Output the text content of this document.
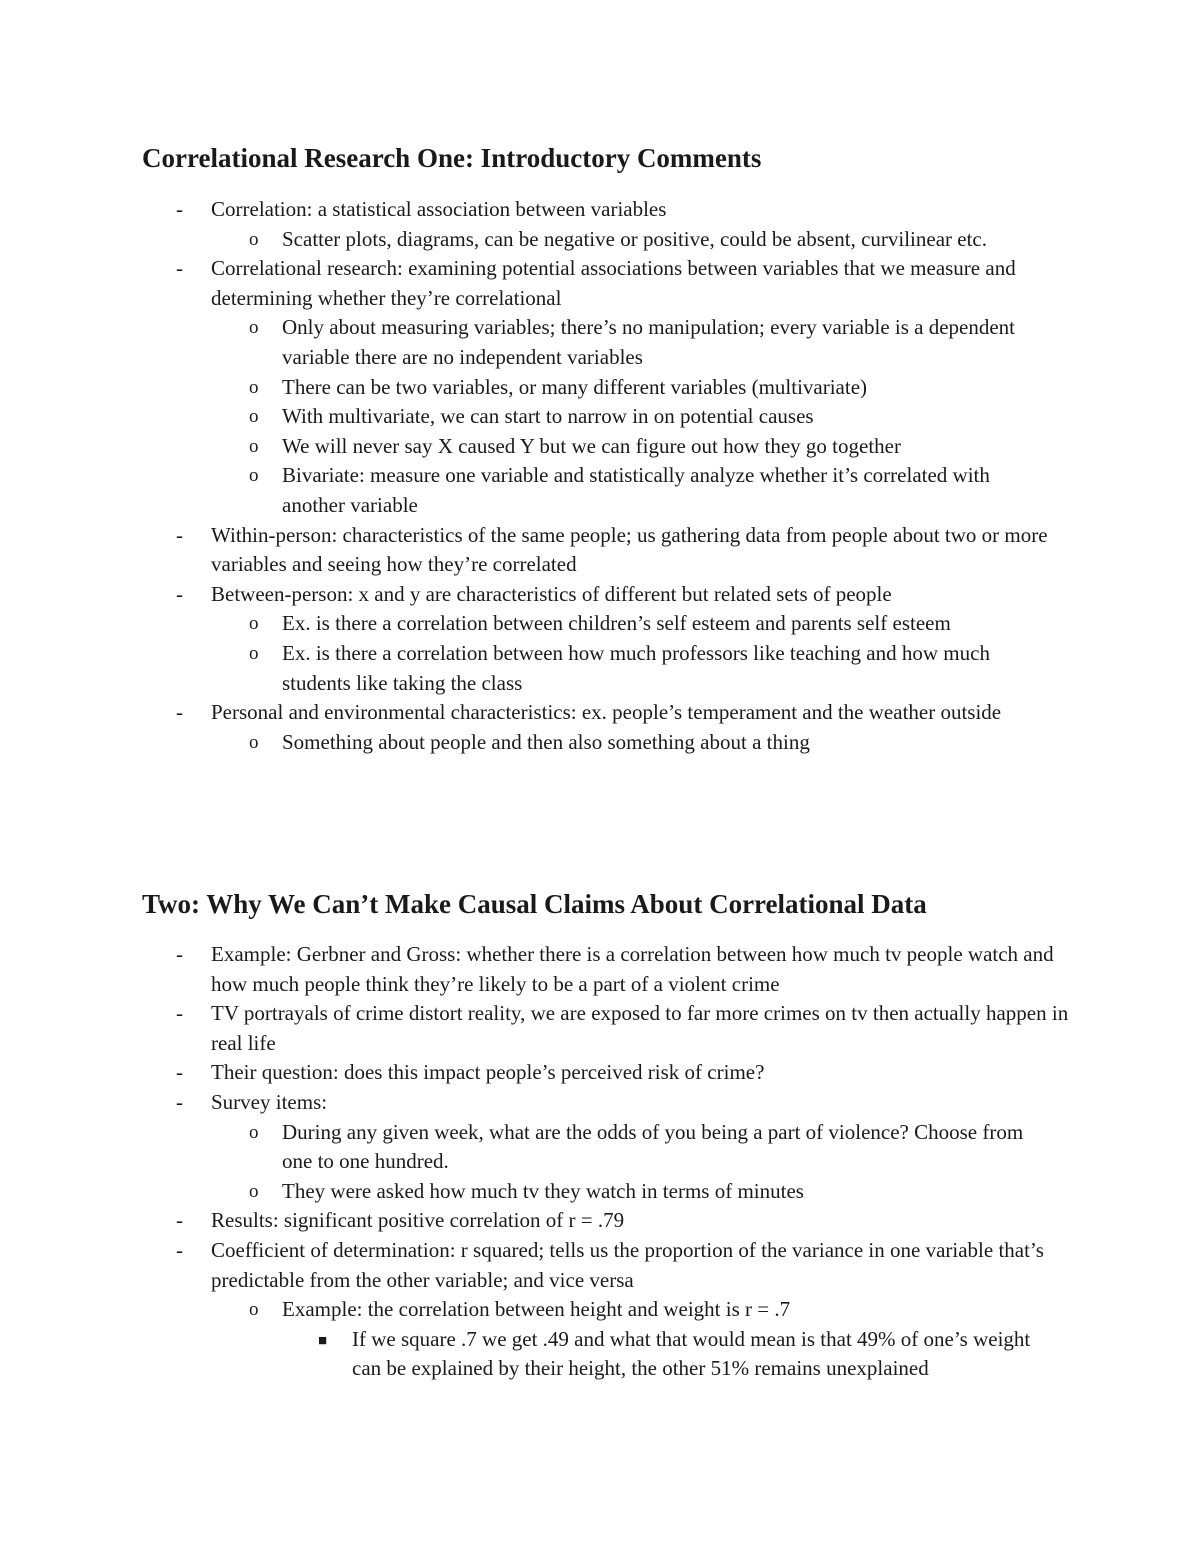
Correlational Research One: Introductory Comments
- Correlation: a statistical association between variables
o Scatter plots, diagrams, can be negative or positive, could be absent, curvilinear etc.
- Correlational research: examining potential associations between variables that we measure and determining whether they’re correlational
o Only about measuring variables; there’s no manipulation; every variable is a dependent variable there are no independent variables
o There can be two variables, or many different variables (multivariate)
o With multivariate, we can start to narrow in on potential causes
o We will never say X caused Y but we can figure out how they go together
o Bivariate: measure one variable and statistically analyze whether it’s correlated with another variable
- Within-person: characteristics of the same people; us gathering data from people about two or more variables and seeing how they’re correlated
- Between-person: x and y are characteristics of different but related sets of people
o Ex. is there a correlation between children’s self esteem and parents self esteem
o Ex. is there a correlation between how much professors like teaching and how much students like taking the class
- Personal and environmental characteristics: ex. people’s temperament and the weather outside
o Something about people and then also something about a thing
Two: Why We Can’t Make Causal Claims About Correlational Data
- Example: Gerbner and Gross: whether there is a correlation between how much tv people watch and how much people think they’re likely to be a part of a violent crime
- TV portrayals of crime distort reality, we are exposed to far more crimes on tv then actually happen in real life
- Their question: does this impact people’s perceived risk of crime?
- Survey items:
o During any given week, what are the odds of you being a part of violence? Choose from one to one hundred.
o They were asked how much tv they watch in terms of minutes
- Results: significant positive correlation of r = .79
- Coefficient of determination: r squared; tells us the proportion of the variance in one variable that’s predictable from the other variable; and vice versa
o Example: the correlation between height and weight is r = .7
■ If we square .7 we get .49 and what that would mean is that 49% of one’s weight can be explained by their height, the other 51% remains unexplained
